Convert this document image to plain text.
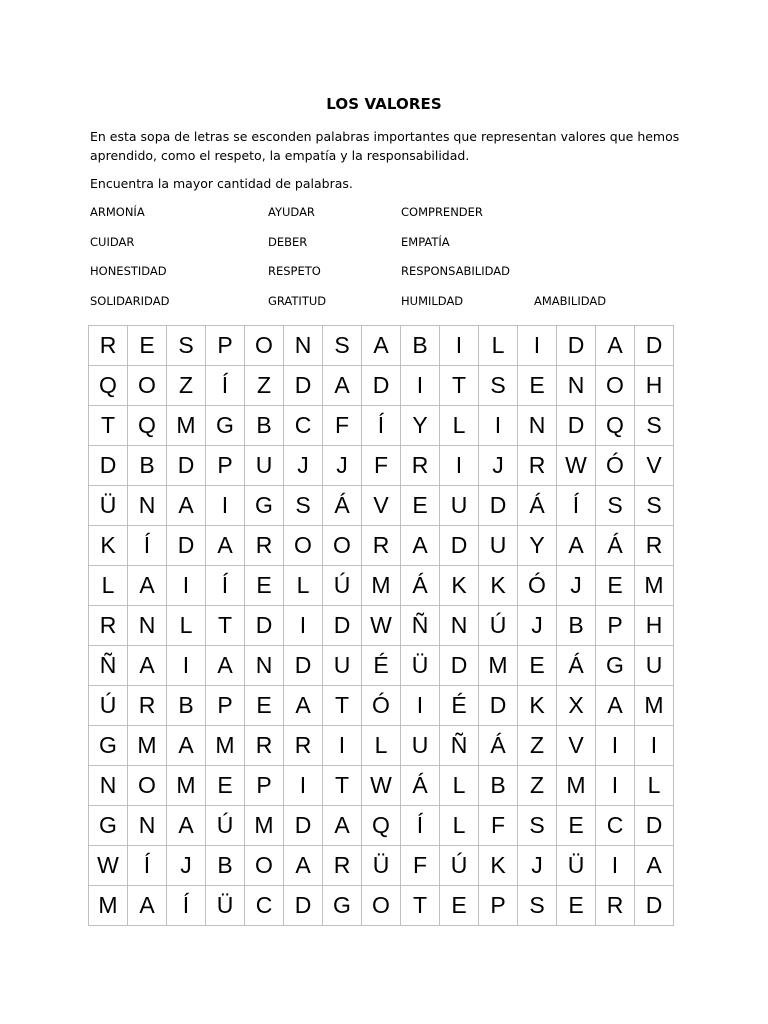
LOS VALORES
En esta sopa de letras se esconden palabras importantes que representan valores que hemos aprendido, como el respeto, la empatía y la responsabilidad.
Encuentra la mayor cantidad de palabras.
ARMONÍA	AYUDAR	COMPRENDER
CUIDAR	DEBER	EMPATÍA
HONESTIDAD	RESPETO	RESPONSABILIDAD
SOLIDARIDAD	GRATITUD	HUMILDAD	AMABILIDAD
R	E	S	P	O	N	S	A	B	I	L	I	D	A	D
Q	O	Z	Í	Z	D	A	D	I	T	S	E	N	O	H
T	Q	M	G	B	C	F	Í	Y	L	I	N	D	Q	S
D	B	D	P	U	J	J	F	R	I	J	R	W	Ó	V
Ü	N	A	I	G	S	Á	V	E	U	D	Á	Í	S	S
K	Í	D	A	R	O	O	R	A	D	U	Y	A	Á	R
L	A	I	Í	E	L	Ú	M	Á	K	K	Ó	J	E	M
R	N	L	T	D	I	D	W	Ñ	N	Ú	J	B	P	H
Ñ	A	I	A	N	D	U	É	Ü	D	M	E	Á	G	U
Ú	R	B	P	E	A	T	Ó	I	É	D	K	X	A	M
G	M	A	M	R	R	I	L	U	Ñ	Á	Z	V	I	I
N	O	M	E	P	I	T	W	Á	L	B	Z	M	I	L
G	N	A	Ú	M	D	A	Q	Í	L	F	S	E	C	D
W	Í	J	B	O	A	R	Ü	F	Ú	K	J	Ü	I	A
M	A	Í	Ü	C	D	G	O	T	E	P	S	E	R	D
